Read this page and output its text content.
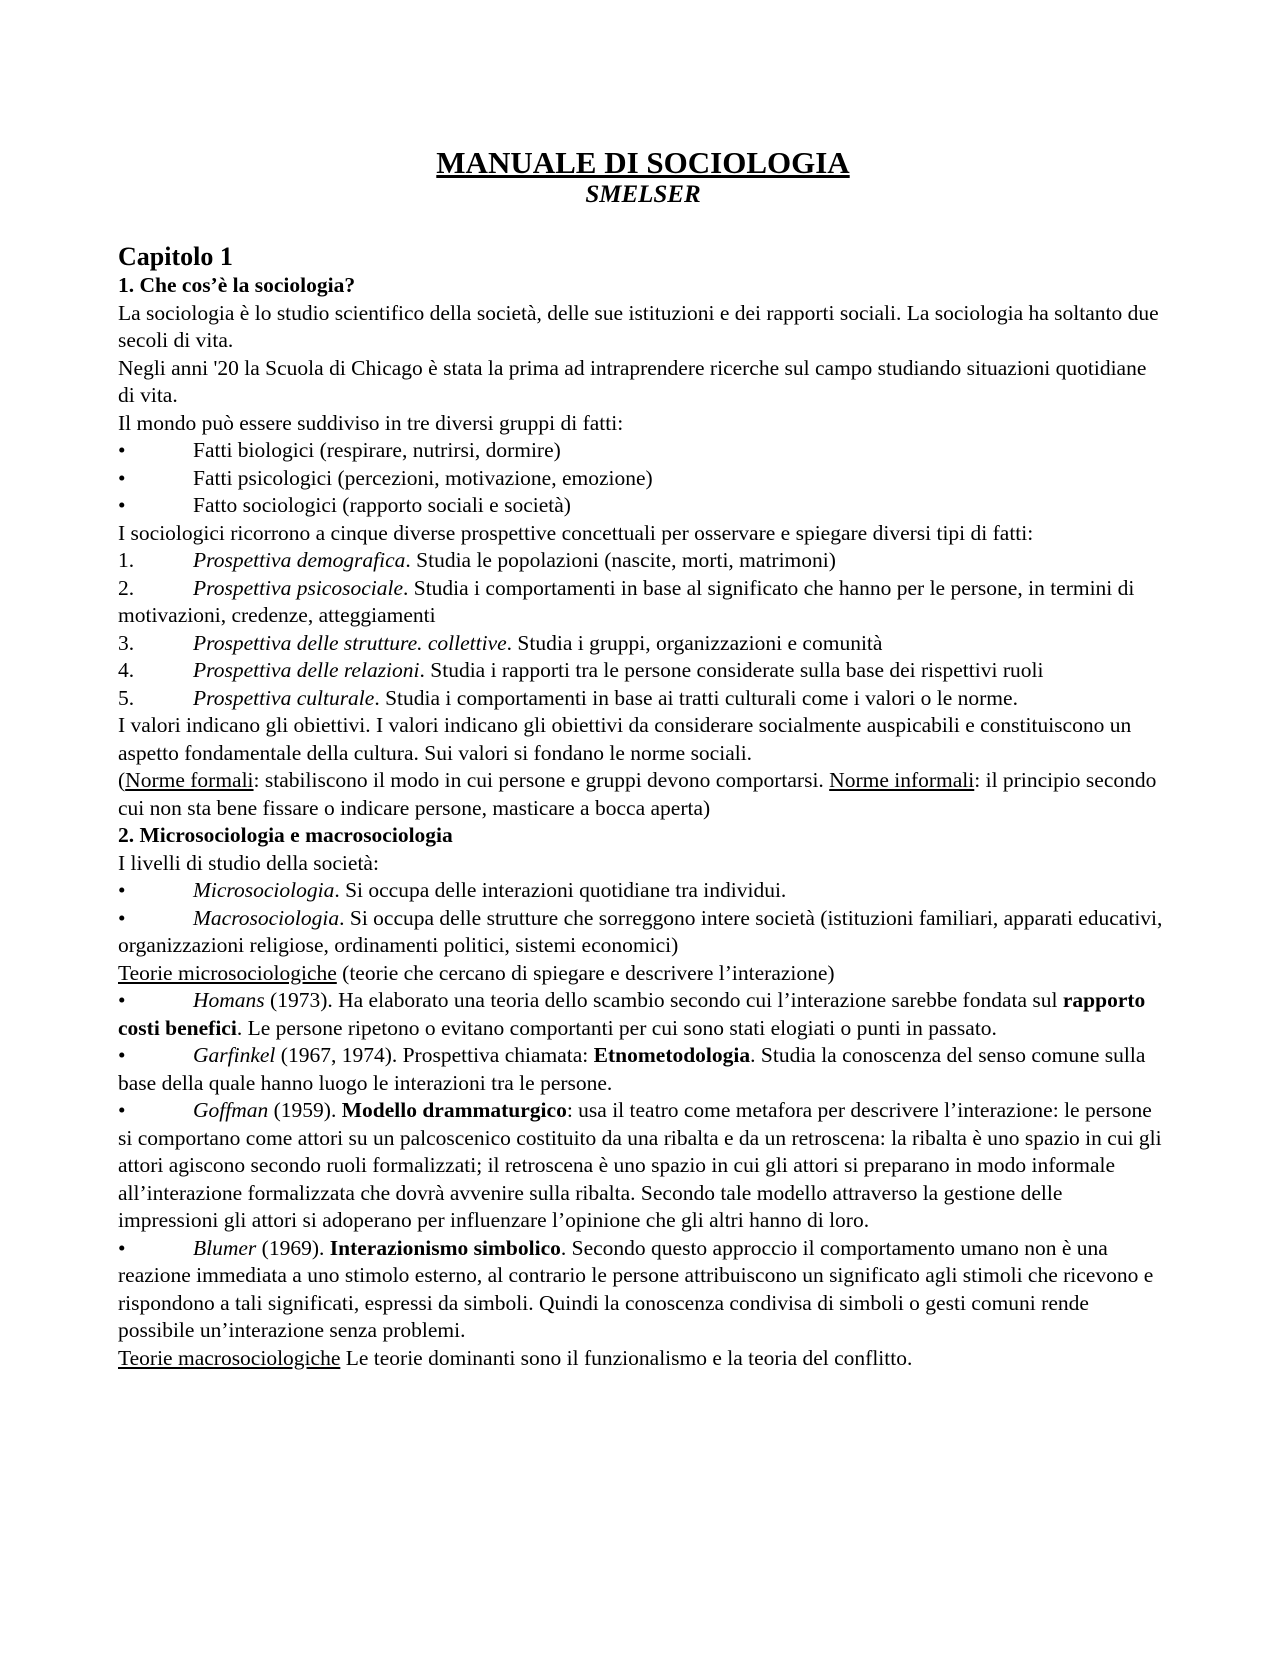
MANUALE DI SOCIOLOGIA
SMELSER
Capitolo 1

1. Che cos’è la sociologia?

La sociologia è lo studio scientifico della società, delle sue istituzioni e dei rapporti sociali. La sociologia ha soltanto due secoli di vita.

Negli anni '20 la Scuola di Chicago è stata la prima ad intraprendere ricerche sul campo studiando situazioni quotidiane di vita.

Il mondo può essere suddiviso in tre diversi gruppi di fatti:

•	Fatti biologici (respirare, nutrirsi, dormire)
•	Fatti psicologici (percezioni, motivazione, emozione)
•	Fatto sociologici (rapporto sociali e società)

I sociologici ricorrono a cinque diverse prospettive concettuali per osservare e spiegare diversi tipi di fatti:

1.	Prospettiva demografica. Studia le popolazioni (nascite, morti, matrimoni)

2.	Prospettiva psicosociale. Studia i comportamenti in base al significato che hanno per le persone, in termini di motivazioni, credenze, atteggiamenti

3.	Prospettiva delle strutture. collettive. Studia i gruppi, organizzazioni e comunità

4.	Prospettiva delle relazioni. Studia i rapporti tra le persone considerate sulla base dei rispettivi ruoli

5.	Prospettiva culturale. Studia i comportamenti in base ai tratti culturali come i valori o le norme.

I valori indicano gli obiettivi. I valori indicano gli obiettivi da considerare socialmente auspicabili e constituiscono un aspetto fondamentale della cultura. Sui valori si fondano le norme sociali.

(Norme formali: stabiliscono il modo in cui persone e gruppi devono comportarsi. Norme informali: il principio secondo cui non sta bene fissare o indicare persone, masticare a bocca aperta)

2. Microsociologia e macrosociologia

I livelli di studio della società:

•	Microsociologia. Si occupa delle interazioni quotidiane tra individui.

•	Macrosociologia. Si occupa delle strutture che sorreggono intere società (istituzioni familiari, apparati educativi, organizzazioni religiose, ordinamenti politici, sistemi economici)

Teorie microsociologiche (teorie che cercano di spiegare e descrivere l’interazione)

•	Homans (1973). Ha elaborato una teoria dello scambio secondo cui l’interazione sarebbe fondata sul rapporto costi benefici. Le persone ripetono o evitano comportanti per cui sono stati elogiati o punti in passato.

•	Garfinkel (1967, 1974). Prospettiva chiamata: Etnometodologia. Studia la conoscenza del senso comune sulla base della quale hanno luogo le interazioni tra le persone.

•	Goffman (1959). Modello drammaturgico: usa il teatro come metafora per descrivere l’interazione: le persone si comportano come attori su un palcoscenico costituito da una ribalta e da un retroscena: la ribalta è uno spazio in cui gli attori agiscono secondo ruoli formalizzati; il retroscena è uno spazio in cui gli attori si preparano in modo informale all’interazione formalizzata che dovrà avvenire sulla ribalta. Secondo tale modello attraverso la gestione delle impressioni gli attori si adoperano per influenzare l’opinione che gli altri hanno di loro.

•	Blumer (1969). Interazionismo simbolico. Secondo questo approccio il comportamento umano non è una reazione immediata a uno stimolo esterno, al contrario le persone attribuiscono un significato agli stimoli che ricevono e rispondono a tali significati, espressi da simboli. Quindi la conoscenza condivisa di simboli o gesti comuni rende possibile un’interazione senza problemi.

Teorie macrosociologiche Le teorie dominanti sono il funzionalismo e la teoria del conflitto.
